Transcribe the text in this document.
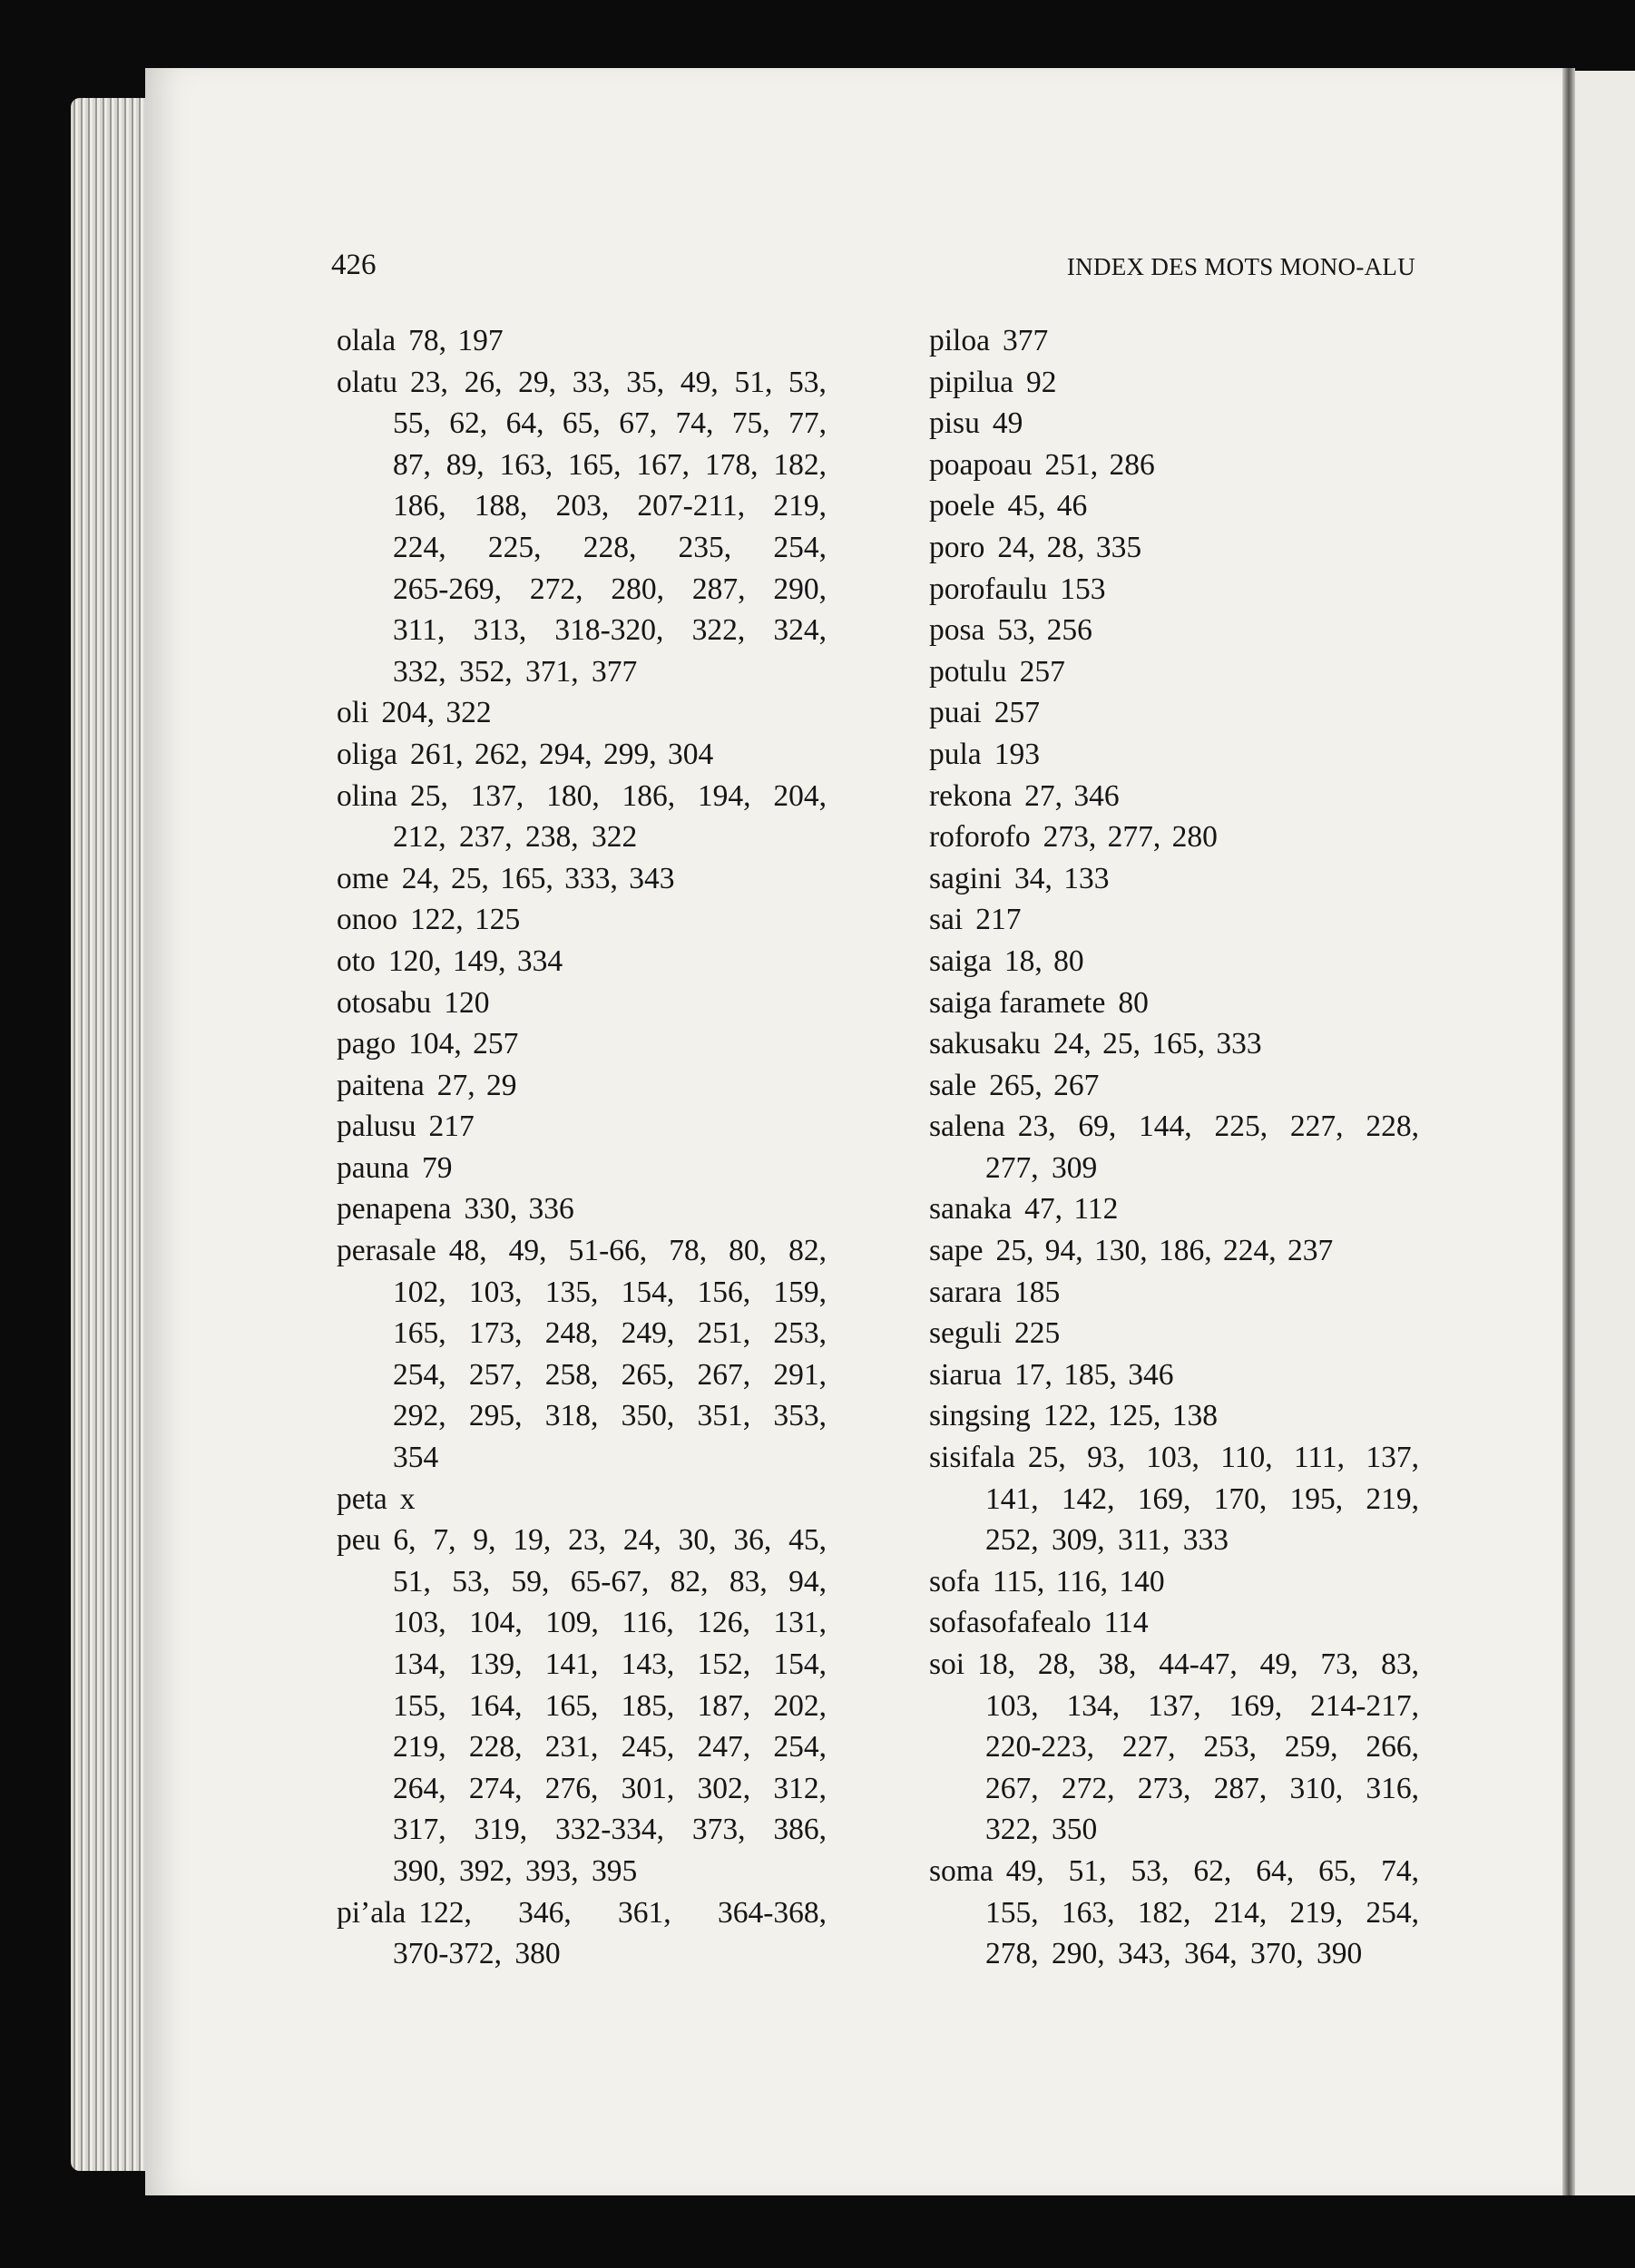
426	INDEX DES MOTS MONO-ALU
olala 78, 197
olatu 23, 26, 29, 33, 35, 49, 51, 53,
55, 62, 64, 65, 67, 74, 75, 77,
87, 89, 163, 165, 167, 178, 182,
186, 188, 203, 207-211, 219,
224, 225, 228, 235, 254,
265-269, 272, 280, 287, 290,
311, 313, 318-320, 322, 324,
332, 352, 371, 377
oli 204, 322
oliga 261, 262, 294, 299, 304
olina 25, 137, 180, 186, 194, 204,
212, 237, 238, 322
ome 24, 25, 165, 333, 343
onoo 122, 125
oto 120, 149, 334
otosabu 120
pago 104, 257
paitena 27, 29
palusu 217
pauna 79
penapena 330, 336
perasale 48, 49, 51-66, 78, 80, 82,
102, 103, 135, 154, 156, 159,
165, 173, 248, 249, 251, 253,
254, 257, 258, 265, 267, 291,
292, 295, 318, 350, 351, 353,
354
peta x
peu 6, 7, 9, 19, 23, 24, 30, 36, 45,
51, 53, 59, 65-67, 82, 83, 94,
103, 104, 109, 116, 126, 131,
134, 139, 141, 143, 152, 154,
155, 164, 165, 185, 187, 202,
219, 228, 231, 245, 247, 254,
264, 274, 276, 301, 302, 312,
317, 319, 332-334, 373, 386,
390, 392, 393, 395
pi’ala 122, 346, 361, 364-368,
370-372, 380
piloa 377
pipilua 92
pisu 49
poapoau 251, 286
poele 45, 46
poro 24, 28, 335
porofaulu 153
posa 53, 256
potulu 257
puai 257
pula 193
rekona 27, 346
roforofo 273, 277, 280
sagini 34, 133
sai 217
saiga 18, 80
saiga faramete 80
sakusaku 24, 25, 165, 333
sale 265, 267
salena 23, 69, 144, 225, 227, 228,
277, 309
sanaka 47, 112
sape 25, 94, 130, 186, 224, 237
sarara 185
seguli 225
siarua 17, 185, 346
singsing 122, 125, 138
sisifala 25, 93, 103, 110, 111, 137,
141, 142, 169, 170, 195, 219,
252, 309, 311, 333
sofa 115, 116, 140
sofasofafealo 114
soi 18, 28, 38, 44-47, 49, 73, 83,
103, 134, 137, 169, 214-217,
220-223, 227, 253, 259, 266,
267, 272, 273, 287, 310, 316,
322, 350
soma 49, 51, 53, 62, 64, 65, 74,
155, 163, 182, 214, 219, 254,
278, 290, 343, 364, 370, 390
